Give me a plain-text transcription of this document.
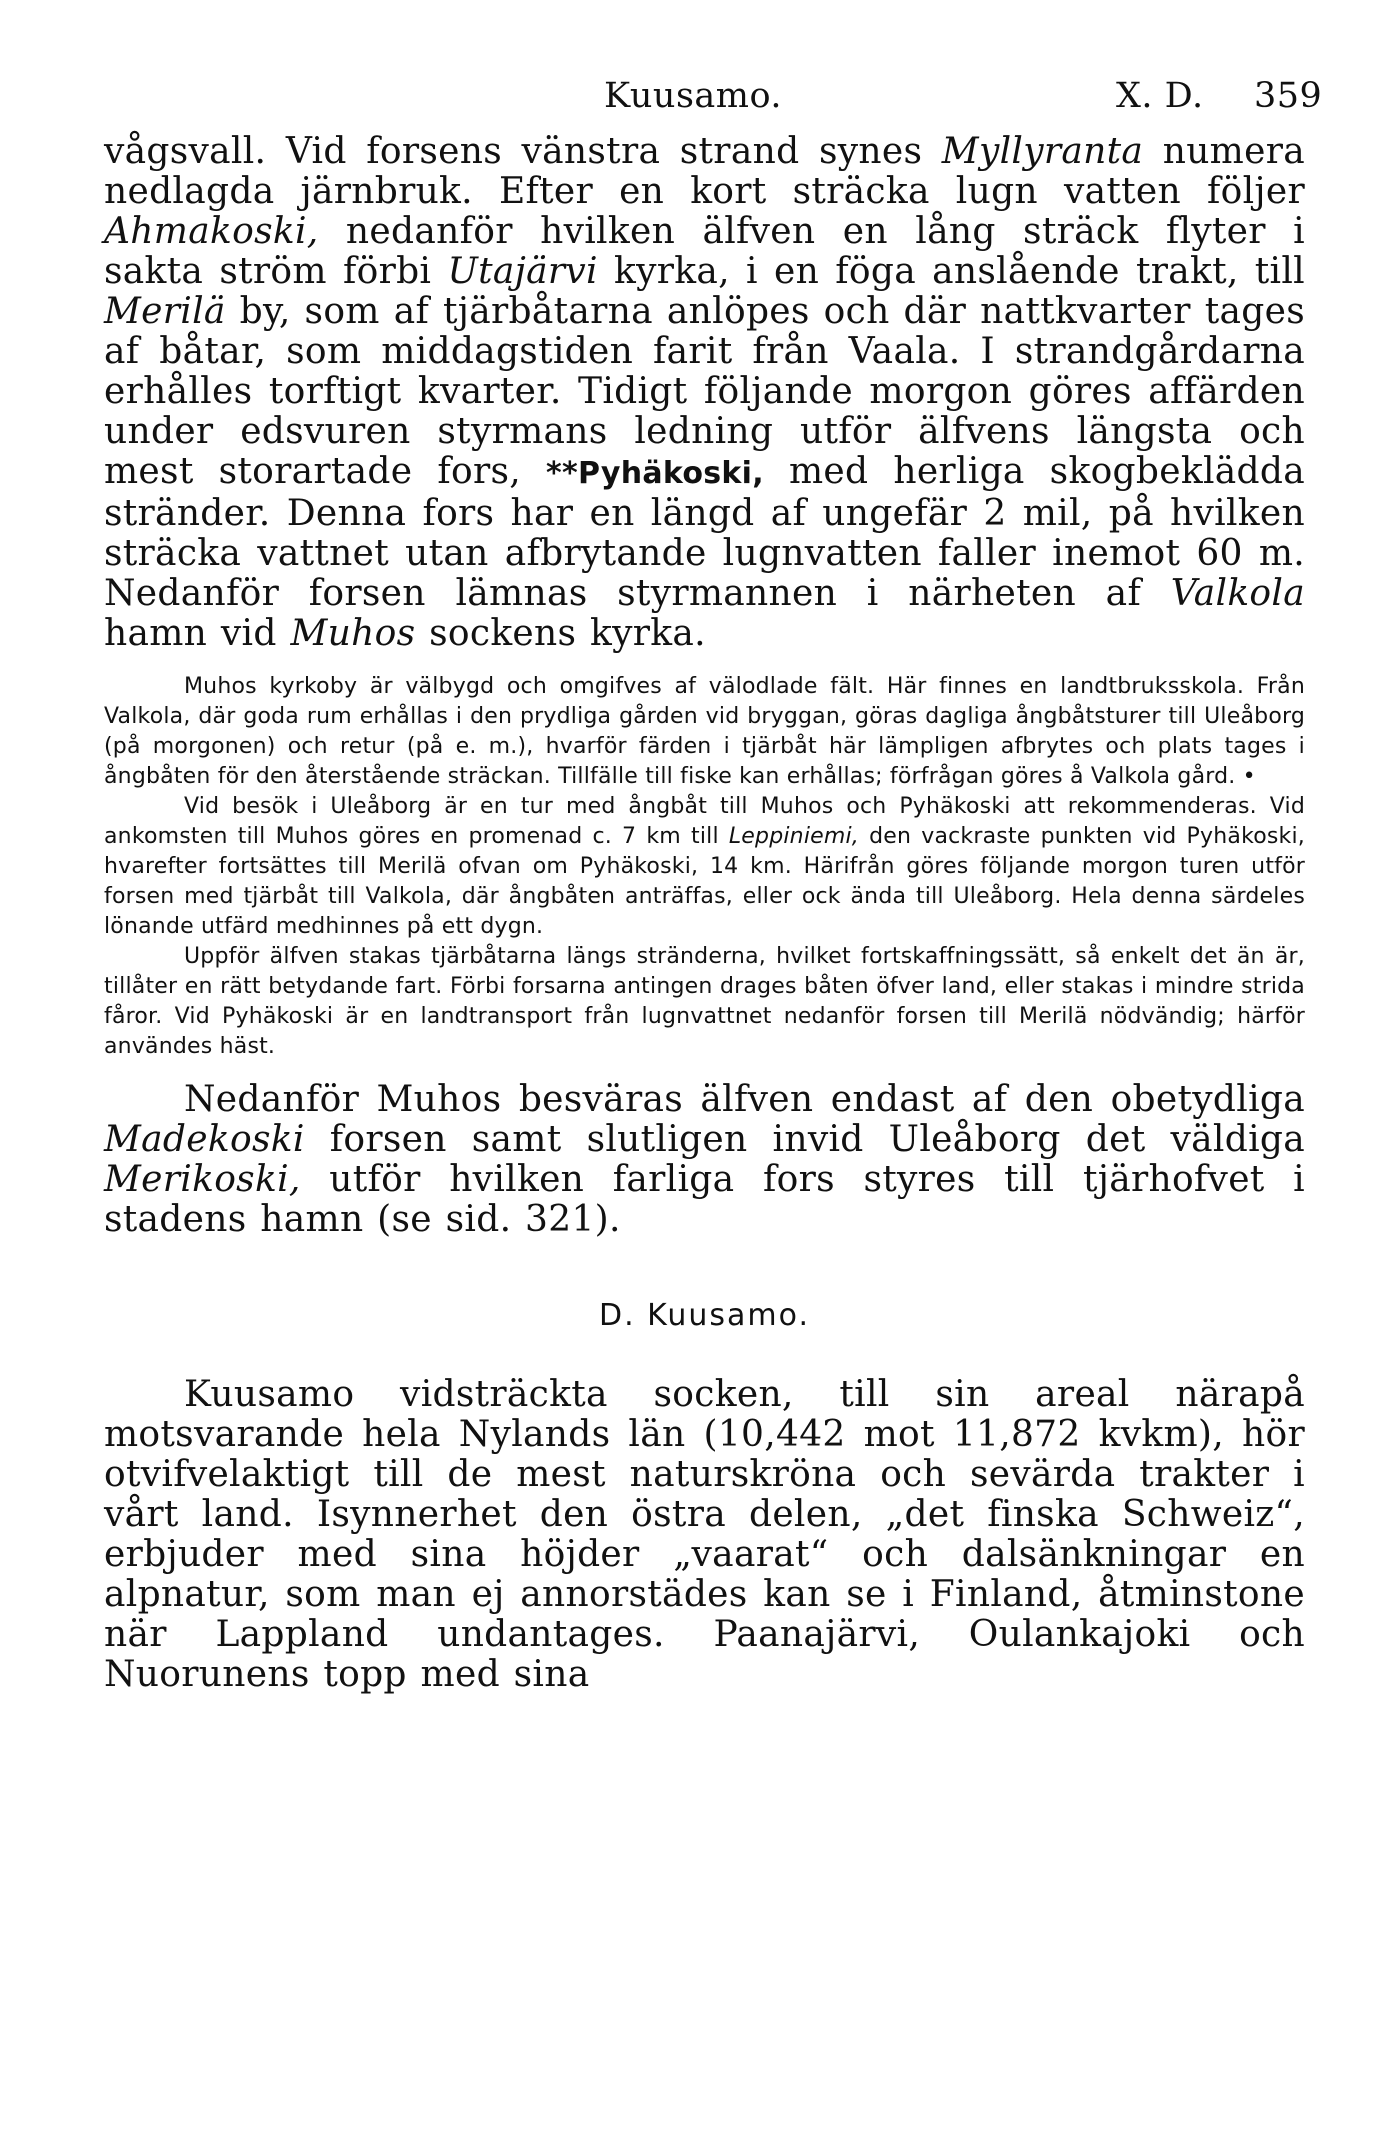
Kuusamo.	X. D. 359

vågsvall. Vid forsens vänstra strand synes Myllyranta numera nedlagda järnbruk. Efter en kort sträcka lugn vatten följer Ahmakoski, nedanför hvilken älfven en lång sträck flyter i sakta ström förbi Utajärvi kyrka, i en föga anslående trakt, till Merilä by, som af tjärbåtarna anlöpes och där nattkvarter tages af båtar, som middagstiden farit från Vaala. I strandgårdarna erhålles torftigt kvarter. Tidigt följande morgon göres affärden under edsvuren styrmans ledning utför älfvens längsta och mest storartade fors, **Pyhäkoski, med herliga skogbeklädda stränder. Denna fors har en längd af ungefär 2 mil, på hvilken sträcka vattnet utan afbrytande lugnvatten faller inemot 60 m. Nedanför forsen lämnas styrmannen i närheten af Valkola hamn vid Muhos sockens kyrka.

Muhos kyrkoby är välbygd och omgifves af välodlade fält. Här finnes en landtbruksskola. Från Valkola, där goda rum erhållas i den prydliga gården vid bryggan, göras dagliga ångbåtsturer till Uleåborg (på morgonen) och retur (på e. m.), hvarför färden i tjärbåt här lämpligen afbrytes och plats tages i ångbåten för den återstående sträckan. Tillfälle till fiske kan erhållas; förfrågan göres å Valkola gård. •

Vid besök i Uleåborg är en tur med ångbåt till Muhos och Pyhäkoski att rekommenderas. Vid ankomsten till Muhos göres en promenad c. 7 km till Leppiniemi, den vackraste punkten vid Pyhäkoski, hvarefter fortsättes till Merilä ofvan om Pyhäkoski, 14 km. Härifrån göres följande morgon turen utför forsen med tjärbåt till Valkola, där ångbåten anträffas, eller ock ända till Uleåborg. Hela denna särdeles lönande utfärd medhinnes på ett dygn.

Uppför älfven stakas tjärbåtarna längs stränderna, hvilket fortskaffningssätt, så enkelt det än är, tillåter en rätt betydande fart. Förbi forsarna antingen drages båten öfver land, eller stakas i mindre strida fåror. Vid Pyhäkoski är en landtransport från lugnvattnet nedanför forsen till Merilä nödvändig; härför användes häst.

Nedanför Muhos besväras älfven endast af den obetydliga Madekoski forsen samt slutligen invid Uleåborg det väldiga Merikoski, utför hvilken farliga fors styres till tjärhofvet i stadens hamn (se sid. 321).

D. Kuusamo.

Kuusamo vidsträckta socken, till sin areal närapå motsvarande hela Nylands län (10,442 mot 11,872 kvkm), hör otvifvelaktigt till de mest naturskröna och sevärda trakter i vårt land. Isynnerhet den östra delen, „det finska Schweiz“, erbjuder med sina höjder „vaarat“ och dalsänkningar en alpnatur, som man ej annorstädes kan se i Finland, åtminstone när Lappland undantages. Paanajärvi, Oulankajoki och Nuorunens topp med sina
